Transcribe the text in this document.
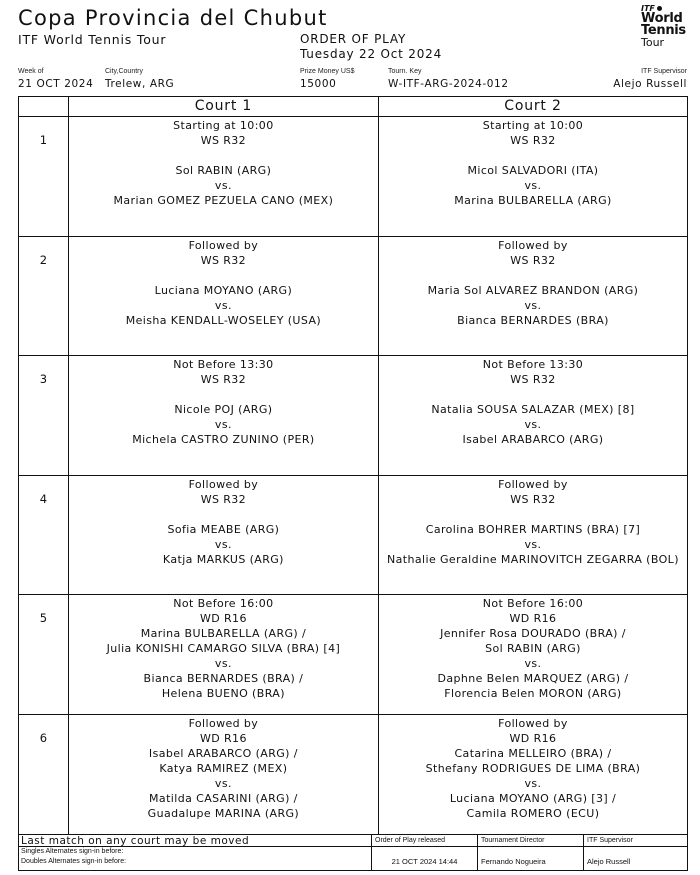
Copa Provincia del Chubut
ITF World Tennis Tour	ORDER OF PLAY
Tuesday 22 Oct 2024
ITF
World
Tennis
Tour
Week of
21 OCT 2024
City,Country
Trelew, ARG
Prize Money US$
15000
Tourn. Key
W-ITF-ARG-2024-012
ITF Supervisor
Alejo Russell
Court 1	Court 2
1
Starting at 10:00
WS R32
Sol RABIN (ARG)
vs.
Marian GOMEZ PEZUELA CANO (MEX)
Starting at 10:00
WS R32
Micol SALVADORI (ITA)
vs.
Marina BULBARELLA (ARG)
2
Followed by
WS R32
Luciana MOYANO (ARG)
vs.
Meisha KENDALL-WOSELEY (USA)
Followed by
WS R32
Maria Sol ALVAREZ BRANDON (ARG)
vs.
Bianca BERNARDES (BRA)
3
Not Before 13:30
WS R32
Nicole POJ (ARG)
vs.
Michela CASTRO ZUNINO (PER)
Not Before 13:30
WS R32
Natalia SOUSA SALAZAR (MEX) [8]
vs.
Isabel ARABARCO (ARG)
4
Followed by
WS R32
Sofia MEABE (ARG)
vs.
Katja MARKUS (ARG)
Followed by
WS R32
Carolina BOHRER MARTINS (BRA) [7]
vs.
Nathalie Geraldine MARINOVITCH ZEGARRA (BOL)
5
Not Before 16:00
WD R16
Marina BULBARELLA (ARG) /
Julia KONISHI CAMARGO SILVA (BRA) [4]
vs.
Bianca BERNARDES (BRA) /
Helena BUENO (BRA)
Not Before 16:00
WD R16
Jennifer Rosa DOURADO (BRA) /
Sol RABIN (ARG)
vs.
Daphne Belen MARQUEZ (ARG) /
Florencia Belen MORON (ARG)
6
Followed by
WD R16
Isabel ARABARCO (ARG) /
Katya RAMIREZ (MEX)
vs.
Matilda CASARINI (ARG) /
Guadalupe MARINA (ARG)
Followed by
WD R16
Catarina MELLEIRO (BRA) /
Sthefany RODRIGUES DE LIMA (BRA)
vs.
Luciana MOYANO (ARG) [3] /
Camila ROMERO (ECU)
Last match on any court may be moved
Singles Alternates sign-in before:
Doubles Alternates sign-in before:
Order of Play released
21 OCT 2024 14:44
Tournament Director
Fernando Nogueira
ITF Supervisor
Alejo Russell
